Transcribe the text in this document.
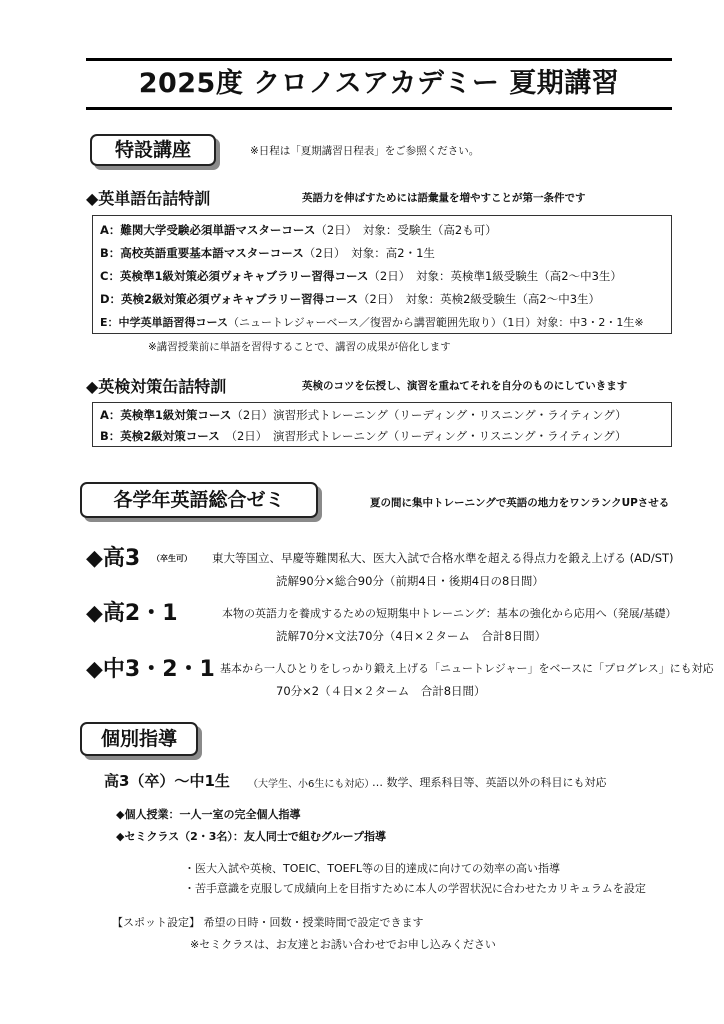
2025度 クロノスアカデミー 夏期講習
特設講座	※日程は「夏期講習日程表」をご参照ください。
◆英単語缶詰特訓	英語力を伸ばすためには語彙量を増やすことが第一条件です
A：難関大学受験必須単語マスターコース（2日）　対象：受験生（高2も可）
B：高校英語重要基本語マスターコース（2日）　対象：高2・1生
C：英検準1級対策必須ヴォキャブラリー習得コース（2日）　対象：英検準1級受験生（高2～中3生）
D：英検2級対策必須ヴォキャブラリー習得コース（2日）　対象：英検2級受験生（高2～中3生）
E：中学英単語習得コース（ニュートレジャーベース／復習から講習範囲先取り）（1日）対象：中3・2・1生※
※講習授業前に単語を習得することで、講習の成果が倍化します
◆英検対策缶詰特訓	英検のコツを伝授し、演習を重ねてそれを自分のものにしていきます
A：英検準1級対策コース（2日）演習形式トレーニング（リーディング・リスニング・ライティング）
B：英検2級対策コース　（2日）　演習形式トレーニング（リーディング・リスニング・ライティング）
各学年英語総合ゼミ	夏の間に集中トレーニングで英語の地力をワンランクUPさせる
◆高3 （卒生可） 東大等国立、早慶等難関私大、医大入試で合格水準を超える得点力を鍛え上げる (AD/ST)
読解90分×総合90分（前期4日・後期4日の8日間）
◆高2・1	本物の英語力を養成するための短期集中トレーニング：基本の強化から応用へ（発展/基礎）
読解70分×文法70分（4日×２ターム　合計8日間）
◆中3・2・1 基本から一人ひとりをしっかり鍛え上げる「ニュートレジャー」をベースに「プログレス」にも対応
70分×2（４日×２ターム　合計8日間）
個別指導
高3（卒）～中1生 （大学生、小6生にも対応）
… 数学、理系科目等、英語以外の科目にも対応
◆個人授業：一人一室の完全個人指導
◆セミクラス（2・3名）：友人同士で組むグループ指導
・医大入試や英検、TOEIC、TOEFL等の目的達成に向けての効率の高い指導
・苦手意識を克服して成績向上を目指すために本人の学習状況に合わせたカリキュラムを設定
【スポット設定】 希望の日時・回数・授業時間で設定できます
※セミクラスは、お友達とお誘い合わせでお申し込みください
